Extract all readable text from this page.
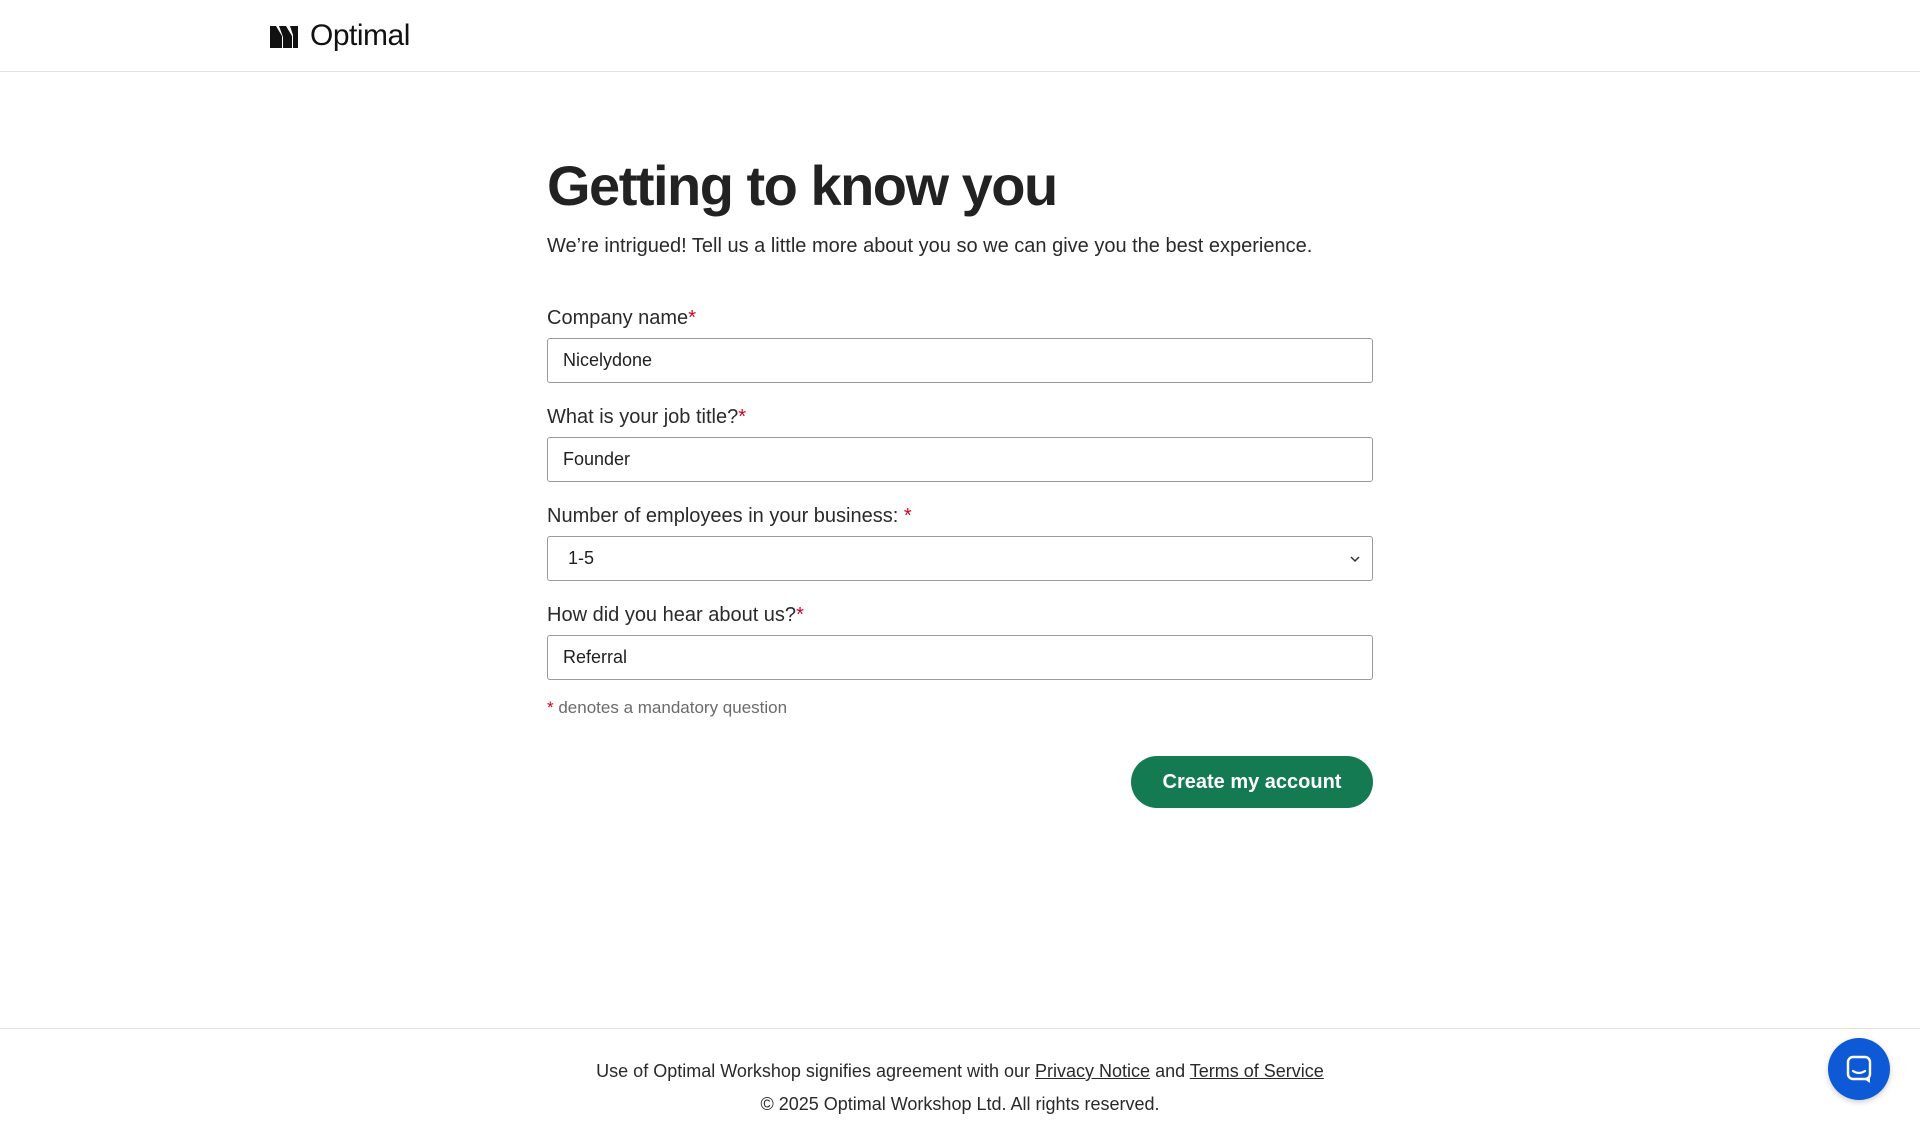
Optimal
Getting to know you

We’re intrigued! Tell us a little more about you so we can give you the best experience.

Company name*
Nicelydone
What is your job title?*
Founder
Number of employees in your business: *
1-5
How did you hear about us?*
Referral

* denotes a mandatory question

Create my account

Use of Optimal Workshop signifies agreement with our Privacy Notice and Terms of Service

© 2025 Optimal Workshop Ltd. All rights reserved.
